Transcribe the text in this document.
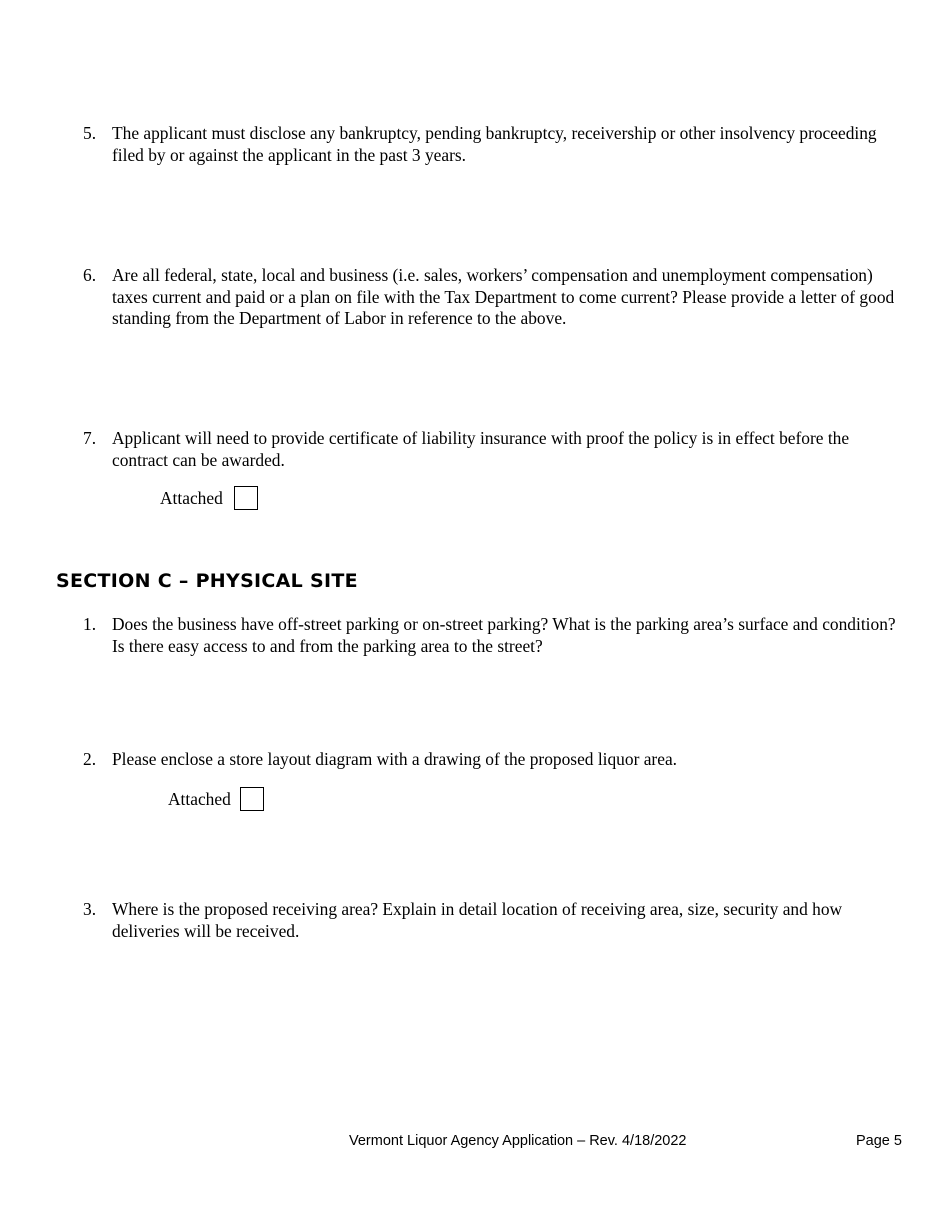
5. The applicant must disclose any bankruptcy, pending bankruptcy, receivership or other insolvency proceeding filed by or against the applicant in the past 3 years.
6. Are all federal, state, local and business (i.e. sales, workers’ compensation and unemployment compensation) taxes current and paid or a plan on file with the Tax Department to come current? Please provide a letter of good standing from the Department of Labor in reference to the above.
7. Applicant will need to provide certificate of liability insurance with proof the policy is in effect before the contract can be awarded.
Attached
SECTION C – PHYSICAL SITE
1. Does the business have off-street parking or on-street parking? What is the parking area’s surface and condition? Is there easy access to and from the parking area to the street?
2. Please enclose a store layout diagram with a drawing of the proposed liquor area.
Attached
3. Where is the proposed receiving area? Explain in detail location of receiving area, size, security and how deliveries will be received.
Vermont Liquor Agency Application – Rev. 4/18/2022	Page 5
